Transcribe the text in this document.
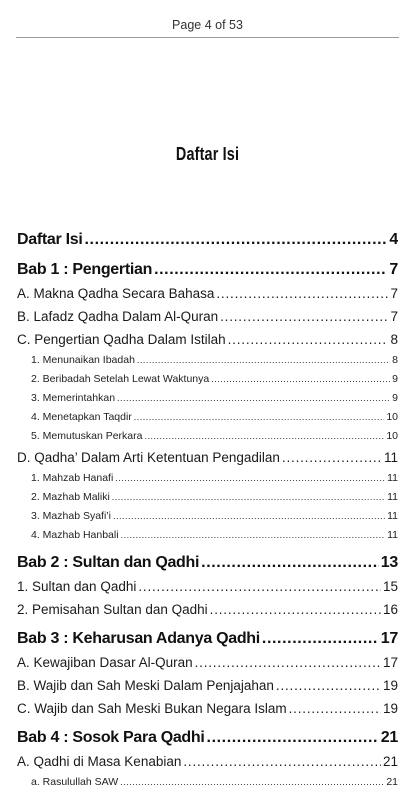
Page 4 of 53
Daftar Isi
Daftar Isi .....	4
Bab 1 : Pengertian .....	7
A. Makna Qadha Secara Bahasa .....	7
B. Lafadz Qadha Dalam Al-Quran .....	7
C. Pengertian Qadha Dalam Istilah .....	8
1. Menunaikan Ibadah .....	8
2. Beribadah Setelah Lewat Waktunya .....	9
3. Memerintahkan .....	9
4. Menetapkan Taqdir .....	10
5. Memutuskan Perkara .....	10
D. Qadha’ Dalam Arti Ketentuan Pengadilan .....	11
1. Mahzab Hanafi .....	11
2. Mazhab Maliki .....	11
3. Mazhab Syafi’i .....	11
4. Mazhab Hanbali .....	11
Bab 2 : Sultan dan Qadhi .....	13
1. Sultan dan Qadhi .....	15
2. Pemisahan Sultan dan Qadhi .....	16
Bab 3 : Keharusan Adanya Qadhi .....	17
A. Kewajiban Dasar Al-Quran .....	17
B. Wajib dan Sah Meski Dalam Penjajahan .....	19
C. Wajib dan Sah Meski Bukan Negara Islam .....	19
Bab 4 : Sosok Para Qadhi .....	21
A. Qadhi di Masa Kenabian .....	21
a. Rasulullah SAW .....	21
